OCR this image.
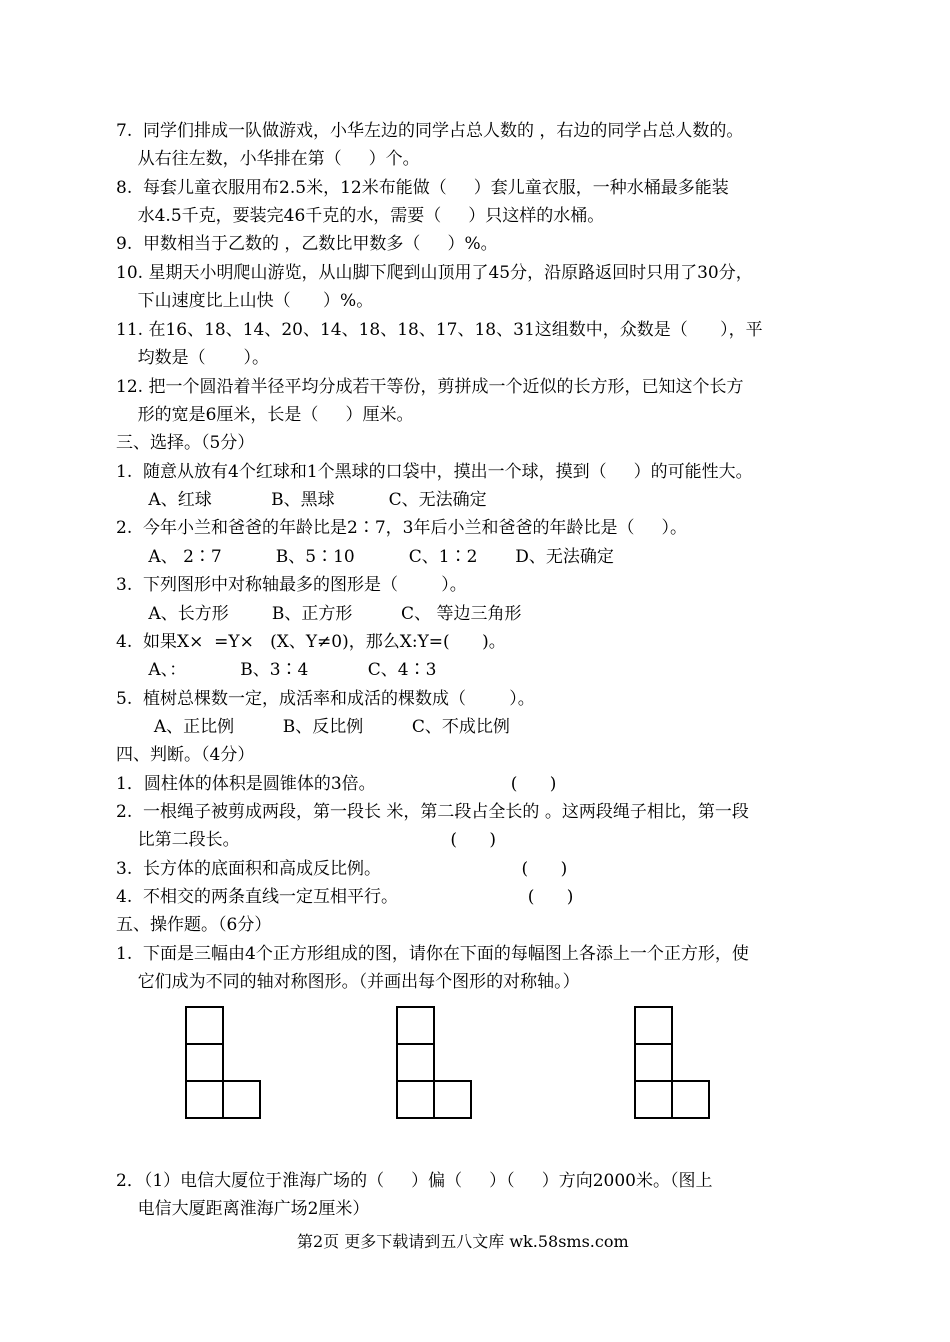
7.  同学们排成一队做游戏，小华左边的同学占总人数的 ，右边的同学占总人数的。
从右往左数，小华排在第（     ）个。
8.  每套儿童衣服用布2.5米，12米布能做（     ）套儿童衣服，一种水桶最多能装
水4.5千克，要装完46千克的水，需要（     ）只这样的水桶。
9.  甲数相当于乙数的 ，乙数比甲数多（     ）%。
10. 星期天小明爬山游览，从山脚下爬到山顶用了45分，沿原路返回时只用了30分，
下山速度比上山快（      ）%。
11. 在16、18、14、20、14、18、18、17、18、31这组数中，众数是（      ），平
均数是（       ）。
12. 把一个圆沿着半径平均分成若干等份，剪拼成一个近似的长方形，已知这个长方
形的宽是6厘米，长是（     ）厘米。
三、选择。（5分）
1.  随意从放有4个红球和1个黑球的口袋中，摸出一个球，摸到（     ）的可能性大。
A、红球           B、黑球          C、无法确定
2.  今年小兰和爸爸的年龄比是2∶7，3年后小兰和爸爸的年龄比是（     ）。
A、 2∶7          B、5∶10          C、1∶2       D、无法确定
3.  下列图形中对称轴最多的图形是（        ）。
A、长方形        B、正方形         C、 等边三角形
4.  如果X×  =Y×   (X、Y≠0)，那么X:Y=(      )。
A、：          B、3∶4           C、4∶3
5.  植树总棵数一定，成活率和成活的棵数成（        ）。
A、正比例         B、反比例         C、不成比例
四、判断。（4分）
1．圆柱体的体积是圆锥体的3倍。                         (      )
2.  一根绳子被剪成两段，第一段长 米，第二段占全长的 。这两段绳子相比，第一段
比第二段长。                                       (      )
3.  长方体的底面积和高成反比例。                          (      )
4.  不相交的两条直线一定互相平行。                        (      )
五、操作题。（6分）
1.  下面是三幅由4个正方形组成的图，请你在下面的每幅图上各添上一个正方形，使
它们成为不同的轴对称图形。（并画出每个图形的对称轴。）
2．（1）电信大厦位于淮海广场的（     ）偏（     ）（     ）方向2000米。（图上
电信大厦距离淮海广场2厘米）
第2页 更多下载请到五八文库 wk.58sms.com
